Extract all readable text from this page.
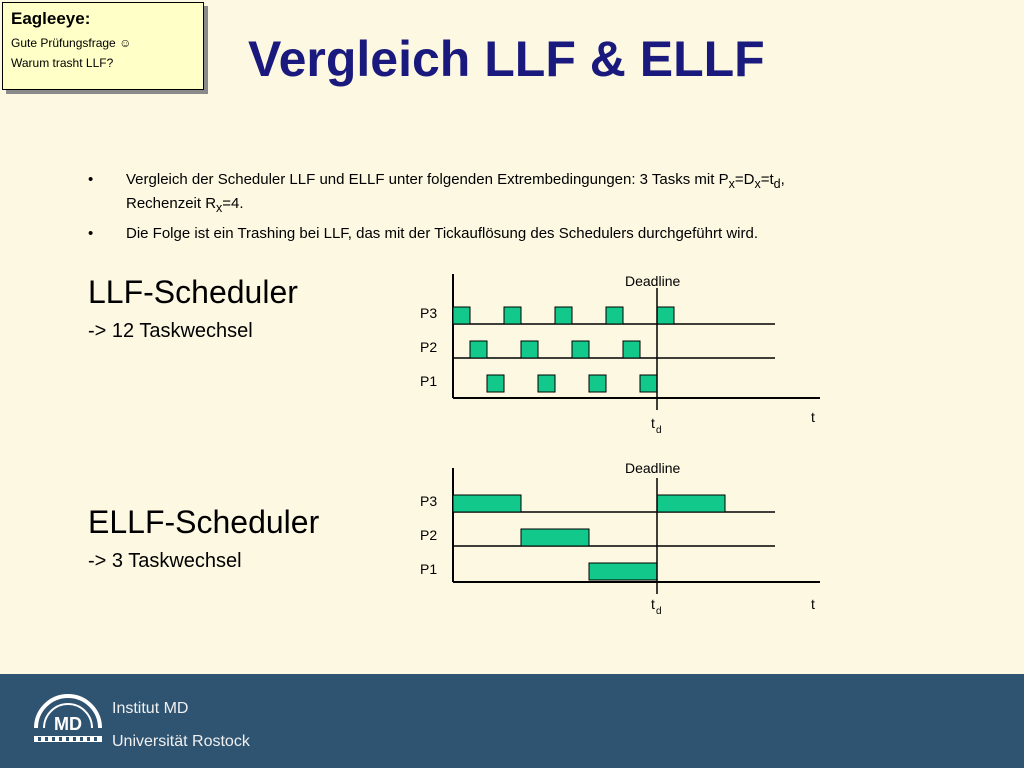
Eagleeye:
Gute Prüfungsfrage ☺
Warum trasht LLF?	Vergleich LLF & ELLF
• Vergleich der Scheduler LLF und ELLF unter folgenden Extrembedingungen: 3 Tasks mit $P_x=D_x=t_d$,
Rechenzeit $R_x=4$.
• Die Folge ist ein Trashing bei LLF, das mit der Tickauflösung des Schedulers durchgeführt wird.
LLF-Scheduler
-> 12 Taskwechsel
ELLF-Scheduler
-> 3 Taskwechsel
P3
P2
P1
Deadline
t d
t
P3
P2
P1
Deadline
t d	t
MD
Institut MD
Universität Rostock
